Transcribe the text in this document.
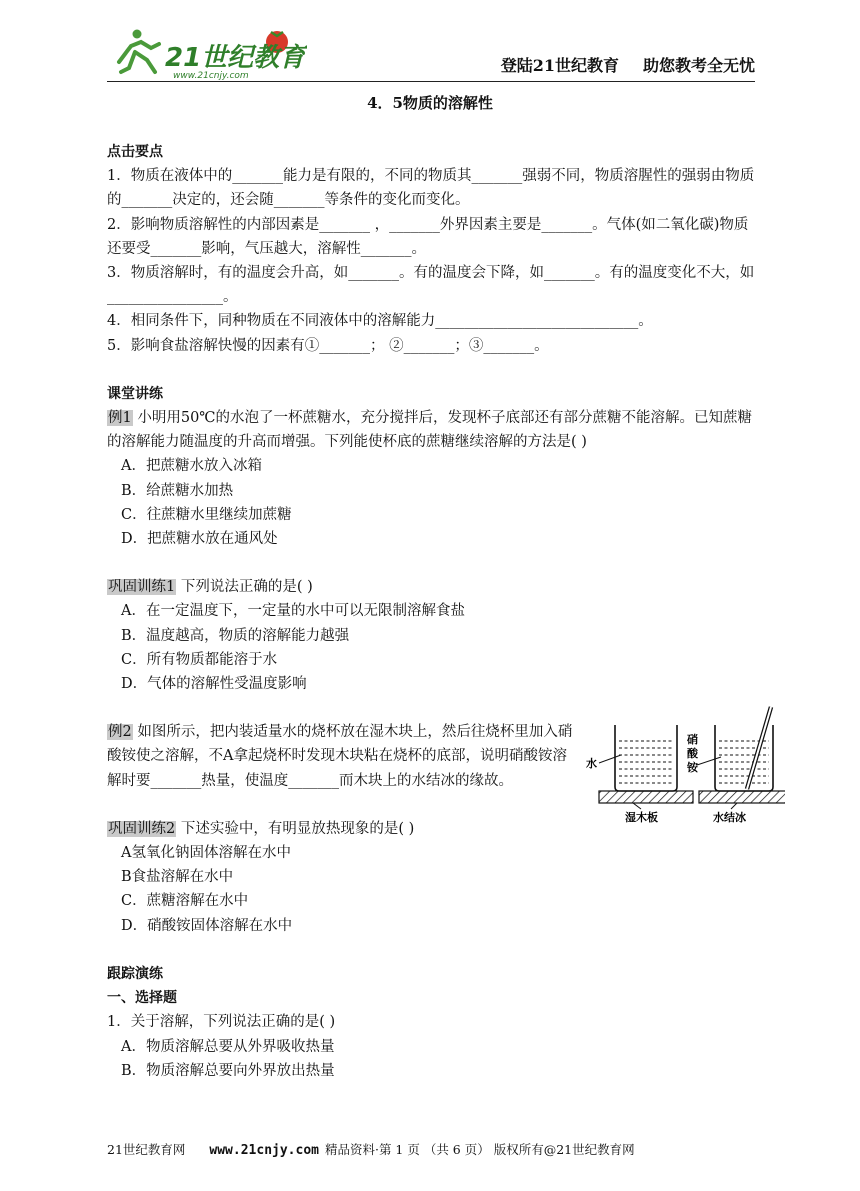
21世纪教育
www.21cnjy.com
登陆21世纪教育 助您教考全无忧
4．5物质的溶解性
点击要点
1．物质在液体中的_______能力是有限的，不同的物质其_______强弱不同，物质溶腥性的强弱由物质的_______决定的，还会随_______等条件的变化而变化。
2．影响物质溶解性的内部因素是_______ ，_______外界因素主要是_______。气体(如二氧化碳)物质还要受_______影响，气压越大，溶解性_______。
3．物质溶解时，有的温度会升高，如_______。有的温度会下降，如_______。有的温度变化不大，如________________。
4．相同条件下，同种物质在不同液体中的溶解能力____________________________。
5．影响食盐溶解快慢的因素有①_______； ②_______；③_______。
课堂讲练
例1 小明用50℃的水泡了一杯蔗糖水，充分搅拌后，发现杯子底部还有部分蔗糖不能溶解。已知蔗糖的溶解能力随温度的升高而增强。下列能使杯底的蔗糖继续溶解的方法是( )
A．把蔗糖水放入冰箱
B．给蔗糖水加热
C．往蔗糖水里继续加蔗糖
D．把蔗糖水放在通风处
巩固训练1 下列说法正确的是( )
A．在一定温度下，一定量的水中可以无限制溶解食盐
B．温度越高，物质的溶解能力越强
C．所有物质都能溶于水
D．气体的溶解性受温度影响
例2 如图所示，把内装适量水的烧杯放在湿木块上，然后往烧杯里加入硝酸铵使之溶解，不A拿起烧杯时发现木块粘在烧杯的底部，说明硝酸铵溶解时要_______热量，使温度_______而木块上的水结冰的缘故。
巩固训练2 下述实验中，有明显放热现象的是( )
A氢氧化钠固体溶解在水中
B食盐溶解在水中
C．蔗糖溶解在水中
D．硝酸铵固体溶解在水中
跟踪演练
一、选择题
1．关于溶解，下列说法正确的是( )
A．物质溶解总要从外界吸收热量
B．物质溶解总要向外界放出热量
水
湿木板
硝
酸
铵
水结冰
21世纪教育网 www.21cnjy.com 精品资料·第 1 页 （共 6 页） 版权所有@21世纪教育网
